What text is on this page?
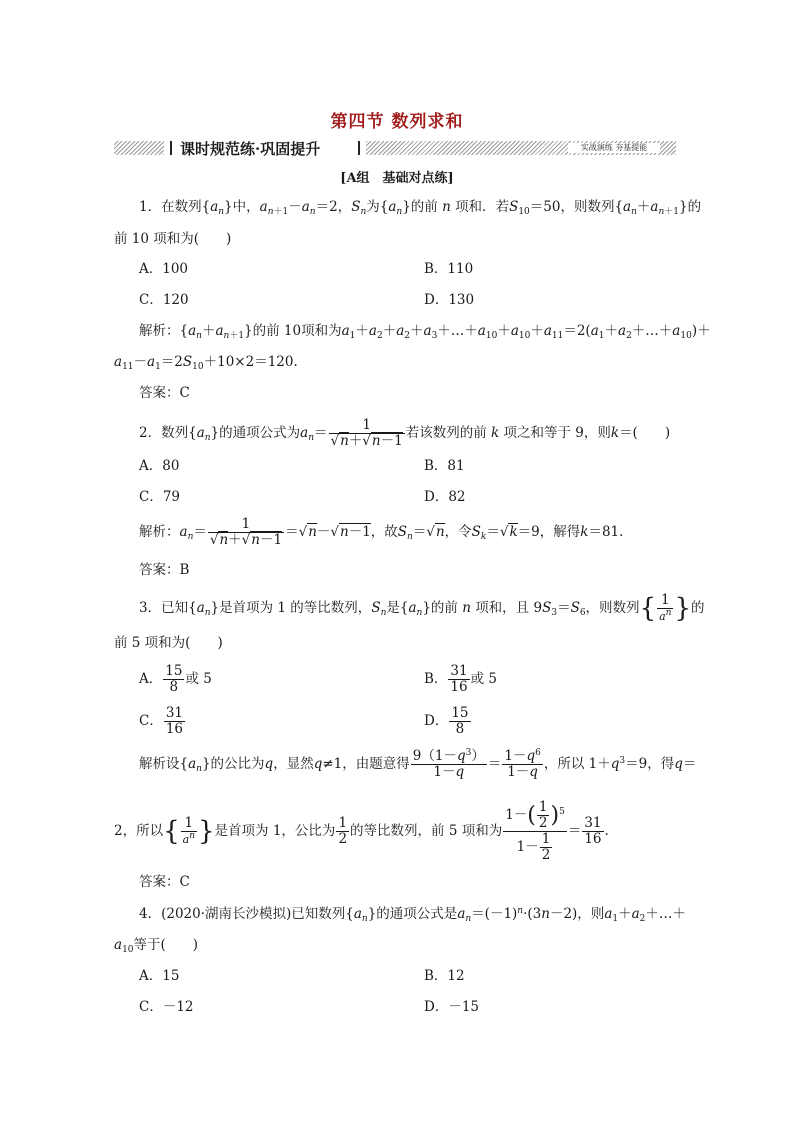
第四节 数列求和
课时规范练·巩固提升	实战演练 夯基提能
[A组　基础对点练]
1．在数列$\{a_n\}$中，$a_{n+1}-a_n=2$，$S_n$为$\{a_n\}$的前 n 项和．若$S_{10}=50$，则数列$\{a_n+a_{n+1}\}$的
前 10 项和为(　　)
A．100	B．110
C．120	D．130
解析：$\{a_n+a_{n+1}\}$的前 10项和为$a_1+a_2+a_2+a_3+\dots+a_{10}+a_{10}+a_{11}=2(a_1+a_2+\dots+a_{10})+$
$a_{11}-a_1=2S_{10}+10\times 2=120$.
答案：C
2．数列$\{a_n\}$的通项公式为$a_n= \frac{1}{√n+√n-1}$ 若该数列的前 k 项之和等于 9，则k＝(　　)
A．80	B．81
C．79	D．82
解析：$a_n= \frac{1}{√n+√n-1} =√n-√n-1$，故$S_n=√n$，令$S_k=√k=9$，解得k＝81.
答案：B
3．已知$\{a_n\}$是首项为 1 的等比数列，$S_n$是$\{a_n\}$的前 n 项和，且 $9S_3=S_6$，则数列{ $\frac{1}{a^n}$ }的
前 5 项和为(　　)
A． $\frac{15}{8}$ 或 5	B． $\frac{31}{16}$ 或 5
C． $\frac{31}{16}$	D． $\frac{15}{8}$
解析设$\{a_n\}$的公比为q，显然q≠1，由题意得 $\frac{9(1-q^3)}{1-q} = \frac{1-q^6}{1-q}$ ，所以 $1+q^3=9$，得q＝
2，所以{ $\frac{1}{a^n}$ }是首项为 1，公比为 $\frac{1}{2}$ 的等比数列，前 5 项和为 $\frac{1-( \frac{1}{2} )^5}{1- \frac{1}{2}} = \frac{31}{16}$ .
答案：C
4．(2020·湖南长沙模拟)已知数列$\{a_n\}$的通项公式是$a_n=(-1)^n\cdot(3n-2)$，则$a_1+a_2+\dots+$
$a_{10}$等于(　　)
A．15	B．12
C．－12	D．－15
